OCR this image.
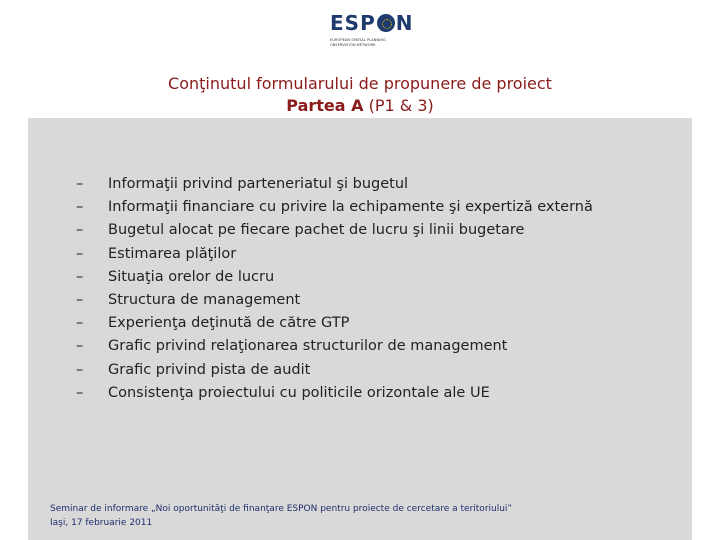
ESP N
EUROPEAN SPATIAL PLANNING
OBSERVATION NETWORK
Conţinutul formularului de propunere de proiect
Partea A (P1 & 3)
– Informaţii privind parteneriatul şi bugetul
– Informaţii financiare cu privire la echipamente şi expertiză externă
– Bugetul alocat pe fiecare pachet de lucru şi linii bugetare
– Estimarea plăţilor
– Situaţia orelor de lucru
– Structura de management
– Experienţa deţinută de către GTP
– Grafic privind relaţionarea structurilor de management
– Grafic privind pista de audit
– Consistenţa proiectului cu politicile orizontale ale UE
Seminar de informare „Noi oportunităţi de finanţare ESPON pentru proiecte de cercetare a teritoriului”
Iaşi, 17 februarie 2011
